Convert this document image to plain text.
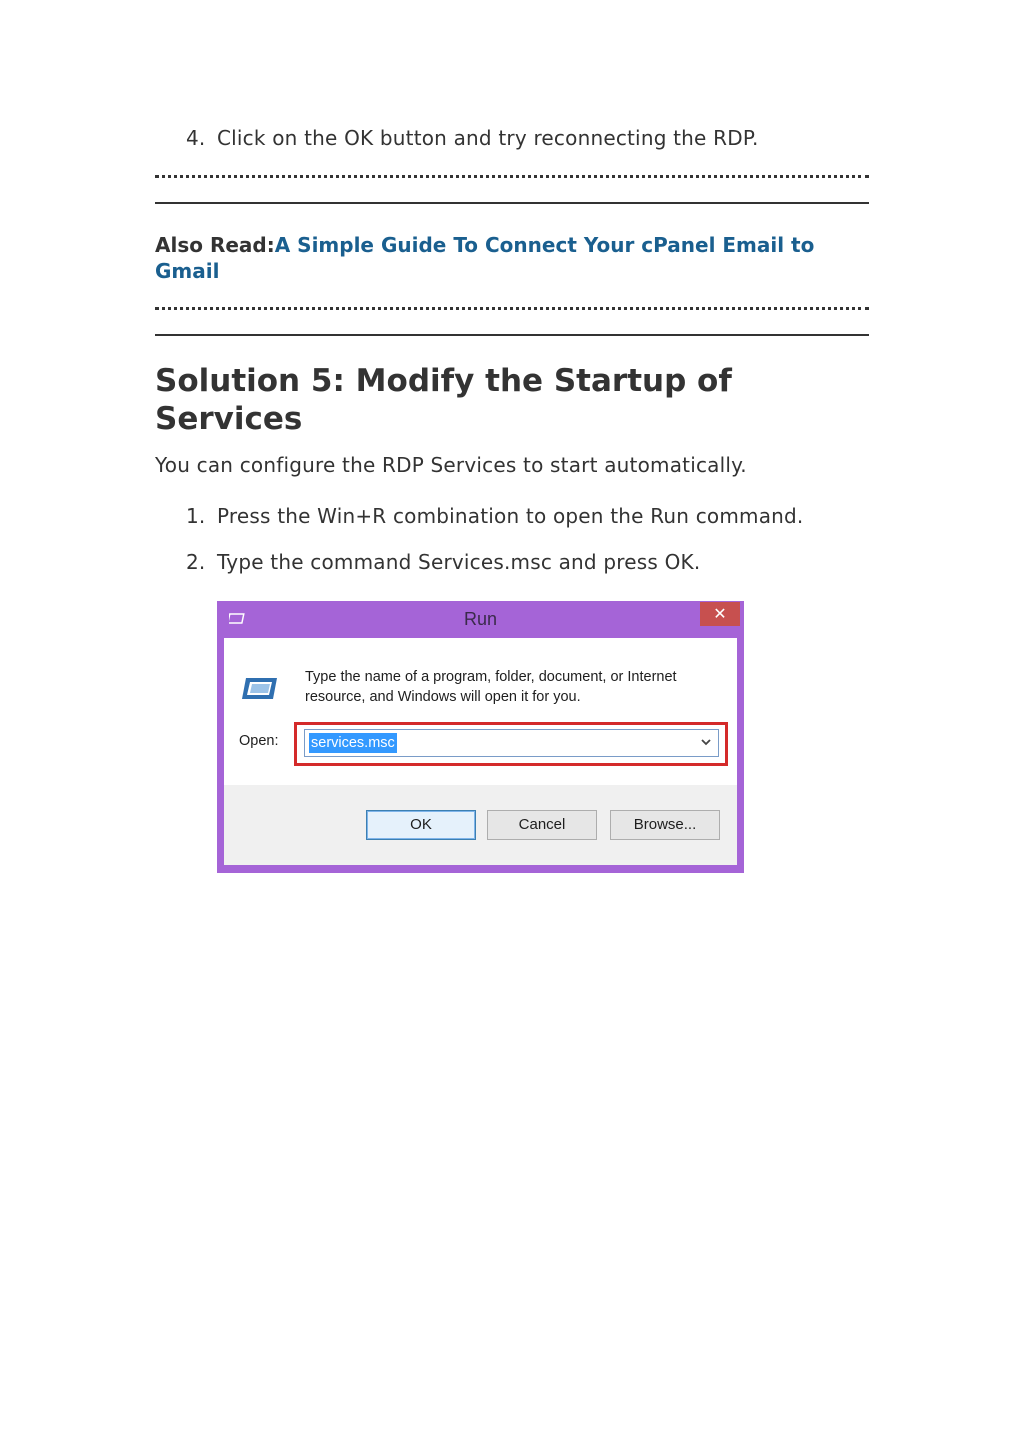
4. Click on the OK button and try reconnecting the RDP.
Also Read:A Simple Guide To Connect Your cPanel Email to Gmail
Solution 5: Modify the Startup of Services
You can configure the RDP Services to start automatically.
1. Press the Win+R combination to open the Run command.
2. Type the command Services.msc and press OK.
Run	✕
Type the name of a program, folder, document, or Internet resource, and Windows will open it for you.
Open: services.msc
OK	Cancel	Browse...
